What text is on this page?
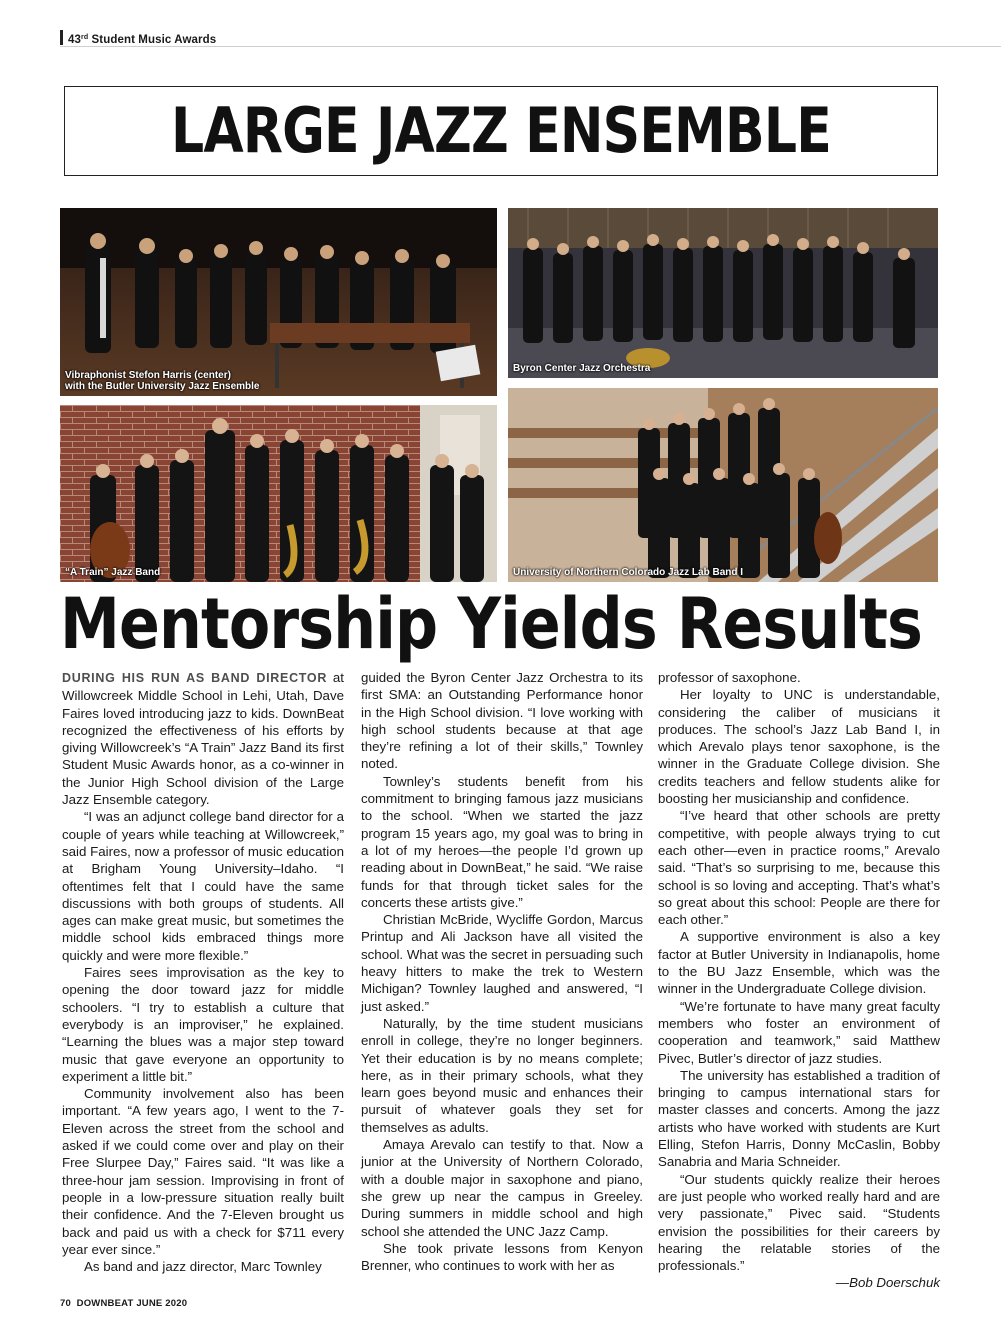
43rd Student Music Awards
LARGE JAZZ ENSEMBLE
Vibraphonist Stefon Harris (center)
with the Butler University Jazz Ensemble
Byron Center Jazz Orchestra
“A Train” Jazz Band	University of Northern Colorado Jazz Lab Band I
Mentorship Yields Results

DURING HIS RUN AS BAND DIRECTOR at Willowcreek Middle School in Lehi, Utah, Dave Faires loved introducing jazz to kids. DownBeat recognized the effectiveness of his efforts by giving Willowcreek’s “A Train” Jazz Band its first Student Music Awards honor, as a co-winner in the Junior High School division of the Large Jazz Ensemble category.

“I was an adjunct college band director for a couple of years while teaching at Willowcreek,” said Faires, now a professor of music education at Brigham Young University–Idaho. “I oftentimes felt that I could have the same discussions with both groups of students. All ages can make great music, but sometimes the middle school kids embraced things more quickly and were more flexible.”

Faires sees improvisation as the key to opening the door toward jazz for middle schoolers. “I try to establish a culture that everybody is an improviser,” he explained. “Learning the blues was a major step toward music that gave everyone an opportunity to experiment a little bit.”

Community involvement also has been important. “A few years ago, I went to the 7-Eleven across the street from the school and asked if we could come over and play on their Free Slurpee Day,” Faires said. “It was like a three-hour jam session. Improvising in front of people in a low-pressure situation really built their confidence. And the 7-Eleven brought us back and paid us with a check for $711 every year ever since.”

As band and jazz director, Marc Townley

guided the Byron Center Jazz Orchestra to its first SMA: an Outstanding Performance honor in the High School division. “I love working with high school students because at that age they’re refining a lot of their skills,” Townley noted.

Townley’s students benefit from his commitment to bringing famous jazz musicians to the school. “When we started the jazz program 15 years ago, my goal was to bring in a lot of my heroes—the people I’d grown up reading about in DownBeat,” he said. “We raise funds for that through ticket sales for the concerts these artists give.”

Christian McBride, Wycliffe Gordon, Marcus Printup and Ali Jackson have all visited the school. What was the secret in persuading such heavy hitters to make the trek to Western Michigan? Townley laughed and answered, “I just asked.”

Naturally, by the time student musicians enroll in college, they’re no longer beginners. Yet their education is by no means complete; here, as in their primary schools, what they learn goes beyond music and enhances their pursuit of whatever goals they set for themselves as adults.

Amaya Arevalo can testify to that. Now a junior at the University of Northern Colorado, with a double major in saxophone and piano, she grew up near the campus in Greeley. During summers in middle school and high school she attended the UNC Jazz Camp.

She took private lessons from Kenyon Brenner, who continues to work with her as

professor of saxophone.

Her loyalty to UNC is understandable, considering the caliber of musicians it produces. The school’s Jazz Lab Band I, in which Arevalo plays tenor saxophone, is the winner in the Graduate College division. She credits teachers and fellow students alike for boosting her musicianship and confidence.

“I’ve heard that other schools are pretty competitive, with people always trying to cut each other—even in practice rooms,” Arevalo said. “That’s so surprising to me, because this school is so loving and accepting. That’s what’s so great about this school: People are there for each other.”

A supportive environment is also a key factor at Butler University in Indianapolis, home to the BU Jazz Ensemble, which was the winner in the Undergraduate College division.

“We’re fortunate to have many great faculty members who foster an environment of cooperation and teamwork,” said Matthew Pivec, Butler’s director of jazz studies.

The university has established a tradition of bringing to campus international stars for master classes and concerts. Among the jazz artists who have worked with students are Kurt Elling, Stefon Harris, Donny McCaslin, Bobby Sanabria and Maria Schneider.

“Our students quickly realize their heroes are just people who worked really hard and are very passionate,” Pivec said. “Students envision the possibilities for their careers by hearing the relatable stories of the professionals.”

—Bob Doerschuk
70 DOWNBEAT JUNE 2020
